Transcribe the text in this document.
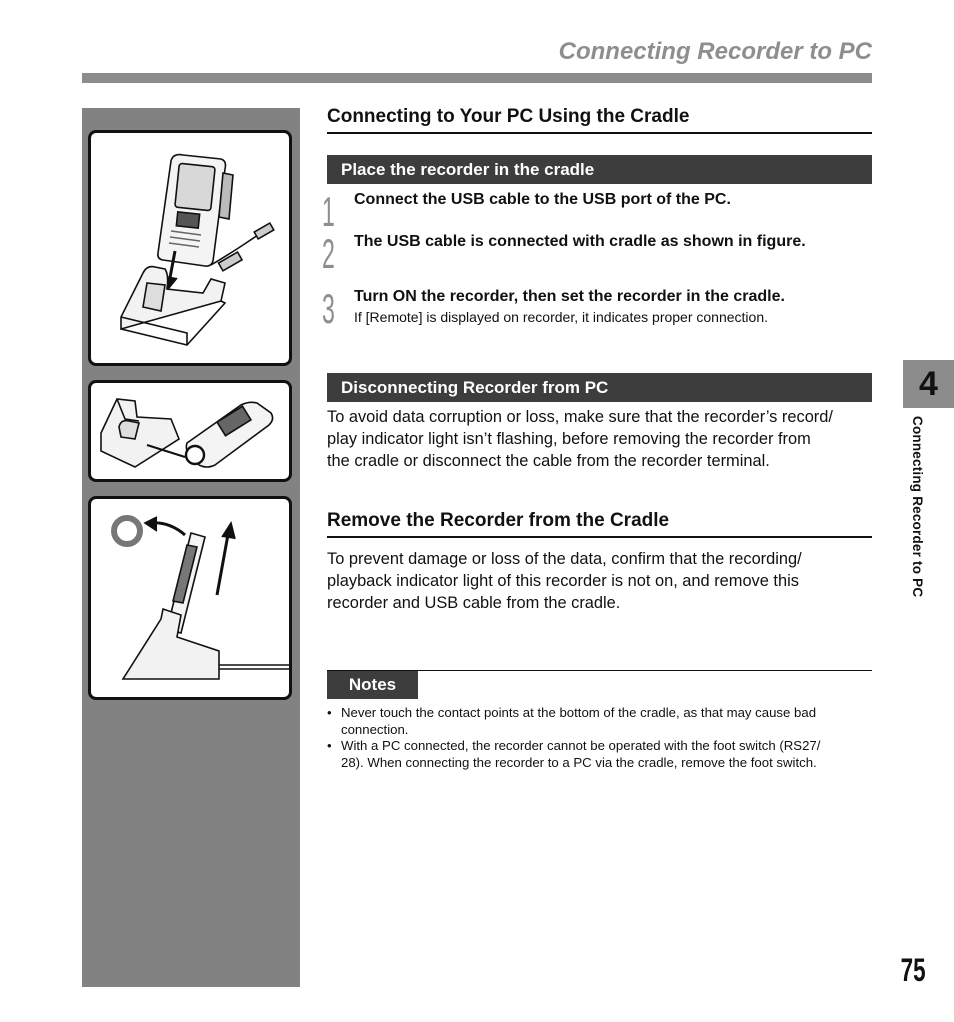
Connecting Recorder to PC
Connecting to Your PC Using the Cradle
Place the recorder in the cradle
1 Connect the USB cable to the USB port of the PC.
2 The USB cable is connected with cradle as shown in figure.
3 Turn ON the recorder, then set the recorder in the cradle.
If [Remote] is displayed on recorder, it indicates proper connection.
Disconnecting Recorder from PC
To avoid data corruption or loss, make sure that the recorder’s record/
play indicator light isn’t flashing, before removing the recorder from
the cradle or disconnect the cable from the recorder terminal.
Remove the Recorder from the Cradle
To prevent damage or loss of the data, confirm that the recording/
playback indicator light of this recorder is not on, and remove this
recorder and USB cable from the cradle.
Notes
• Never touch the contact points at the bottom of the cradle, as that may cause bad
connection.
• With a PC connected, the recorder cannot be operated with the foot switch (RS27/
28). When connecting the recorder to a PC via the cradle, remove the foot switch.
4
Connecting Recorder to PC
75
